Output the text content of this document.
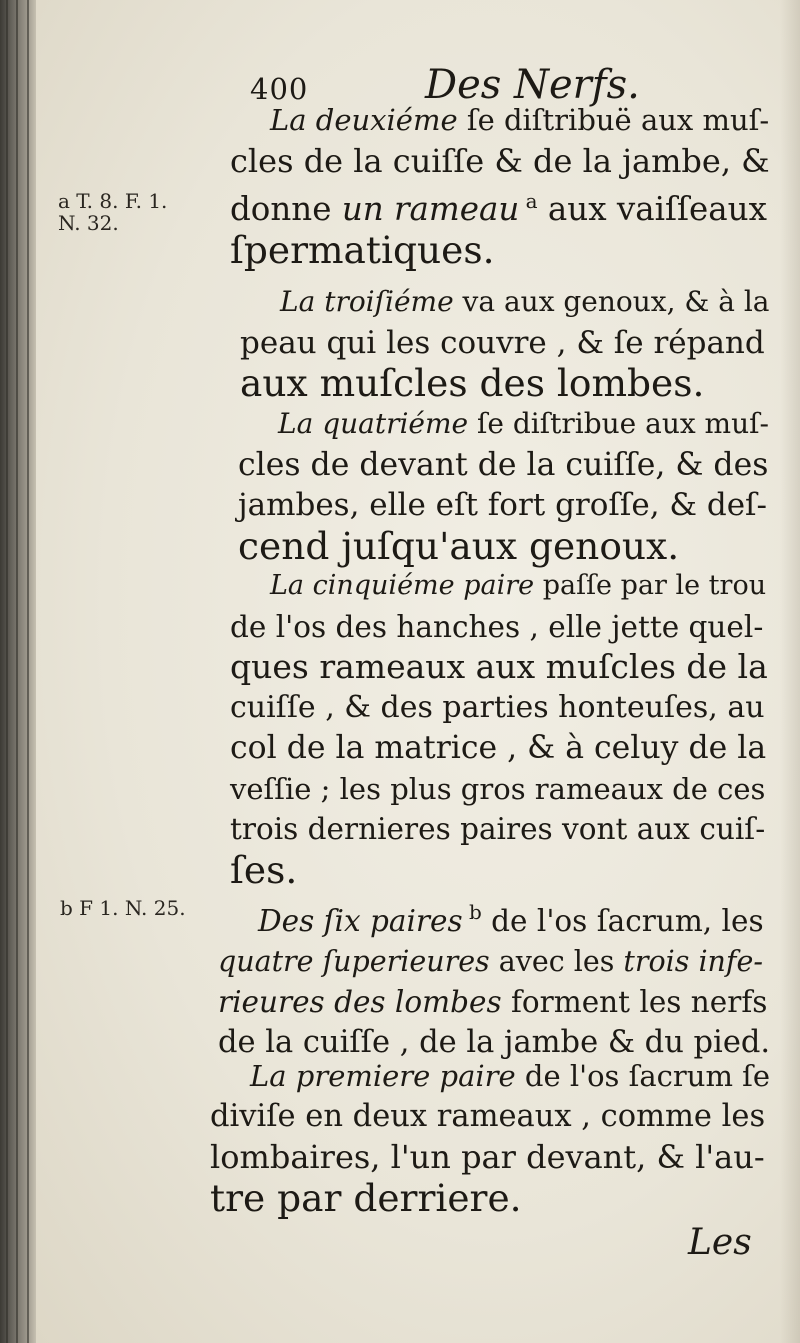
400	Des Nerfs.
a T. 8. F. 1.
N. 32.
b F 1. N. 25.
La deuxiéme ſe diſtribuë aux muſ-
cles de la cuiſſe & de la jambe, &
donne un rameau $^a$ aux vaiſſeaux
ſpermatiques.
La troiſiéme va aux genoux, & à la
peau qui les couvre , & ſe répand
aux muſcles des lombes.
La quatriéme ſe diſtribue aux muſ-
cles de devant de la cuiſſe, & des
jambes, elle eſt fort groſſe, & deſ-
cend juſqu'aux genoux.
La cinquiéme paire paſſe par le trou
de l'os des hanches , elle jette quel-
ques rameaux aux muſcles de la
cuiſſe , & des parties honteuſes, au
col de la matrice , & à celuy de la
veſſie ; les plus gros rameaux de ces
trois dernieres paires vont aux cuiſ-
ſes.
Des ſix paires $^b$ de l'os ſacrum, les
quatre ſuperieures avec les trois infe-
rieures des lombes forment les nerfs
de la cuiſſe , de la jambe & du pied.
La premiere paire de l'os ſacrum ſe
diviſe en deux rameaux , comme les
lombaires, l'un par devant, & l'au-
tre par derriere.
Les
